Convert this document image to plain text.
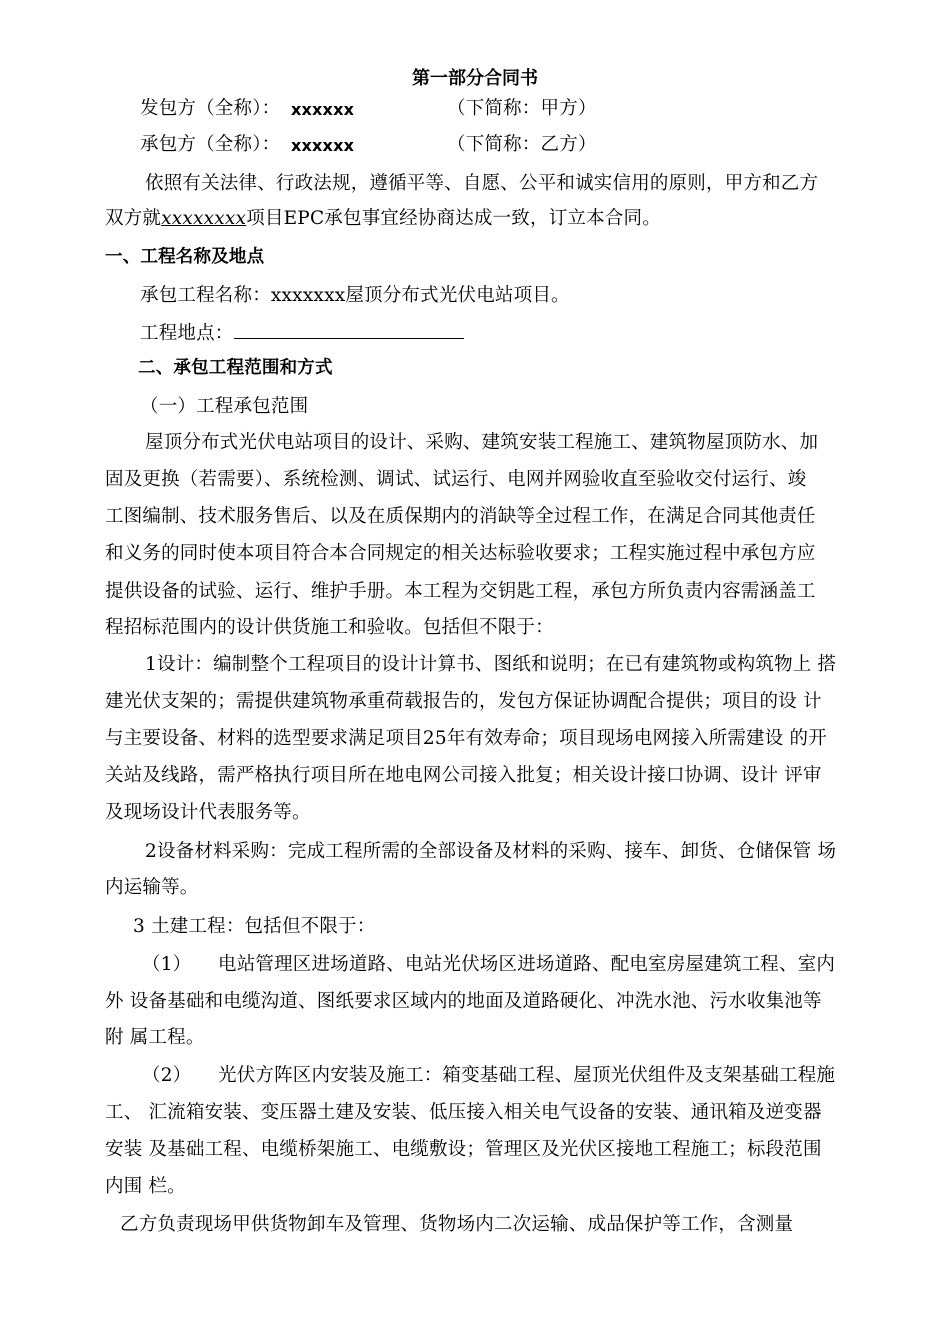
第一部分合同书
发包方（全称）： xxxxxx	（下简称：甲方）
承包方（全称）： xxxxxx	（下简称：乙方）
依照有关法律、行政法规，遵循平等、自愿、公平和诚实信用的原则，甲方和乙方
双方就xxxxxxxx项目EPC承包事宜经协商达成一致，订立本合同。
一、工程名称及地点
承包工程名称：xxxxxxx屋顶分布式光伏电站项目。
工程地点：
二、承包工程范围和方式
（一）工程承包范围
屋顶分布式光伏电站项目的设计、采购、建筑安装工程施工、建筑物屋顶防水、加
固及更换（若需要）、系统检测、调试、试运行、电网并网验收直至验收交付运行、竣
工图编制、技术服务售后、以及在质保期内的消缺等全过程工作，在满足合同其他责任
和义务的同时使本项目符合本合同规定的相关达标验收要求；工程实施过程中承包方应
提供设备的试验、运行、维护手册。本工程为交钥匙工程，承包方所负责内容需涵盖工
程招标范围内的设计供货施工和验收。包括但不限于：
1设计：编制整个工程项目的设计计算书、图纸和说明；在已有建筑物或构筑物上 搭
建光伏支架的；需提供建筑物承重荷载报告的，发包方保证协调配合提供；项目的设 计
与主要设备、材料的选型要求满足项目25年有效寿命；项目现场电网接入所需建设 的开
关站及线路，需严格执行项目所在地电网公司接入批复；相关设计接口协调、设计 评审
及现场设计代表服务等。
2设备材料采购：完成工程所需的全部设备及材料的采购、接车、卸货、仓储保管 场
内运输等。
3 土建工程：包括但不限于：
（1） 电站管理区进场道路、电站光伏场区进场道路、配电室房屋建筑工程、室内
外 设备基础和电缆沟道、图纸要求区域内的地面及道路硬化、冲洗水池、污水收集池等
附 属工程。
（2） 光伏方阵区内安装及施工：箱变基础工程、屋顶光伏组件及支架基础工程施
工、 汇流箱安装、变压器土建及安装、低压接入相关电气设备的安装、通讯箱及逆变器
安装 及基础工程、电缆桥架施工、电缆敷设；管理区及光伏区接地工程施工；标段范围
内围 栏。
乙方负责现场甲供货物卸车及管理、货物场内二次运输、成品保护等工作，含测量
